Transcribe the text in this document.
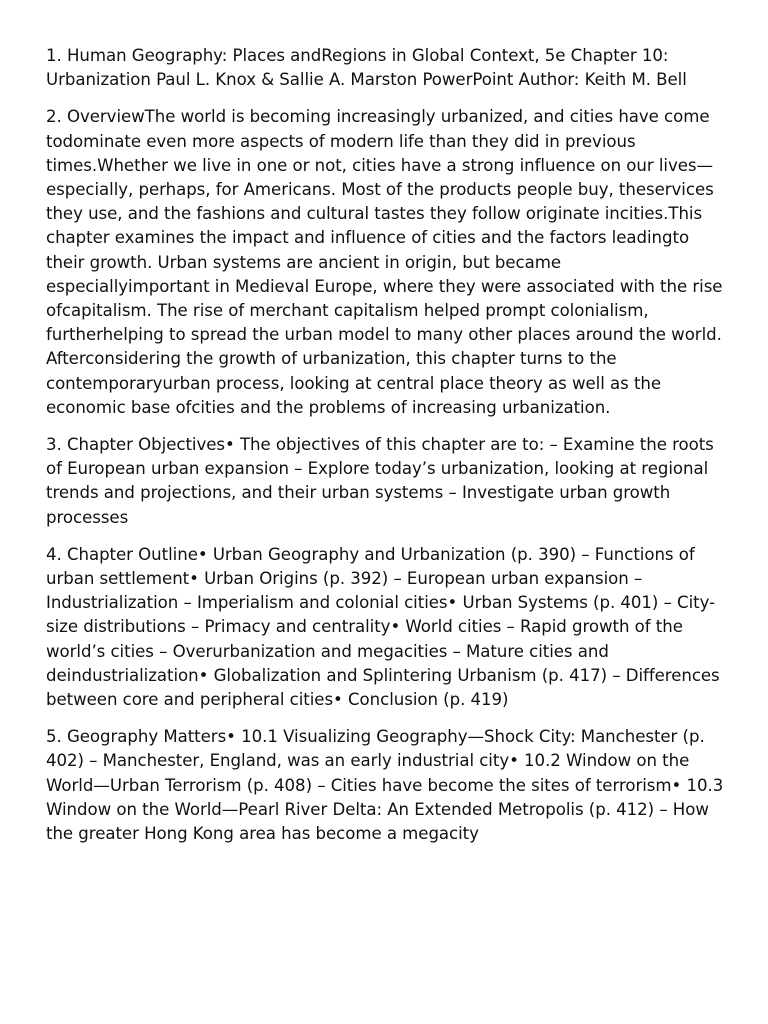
1. Human Geography: Places andRegions in Global Context, 5e Chapter 10: Urbanization Paul L. Knox & Sallie A. Marston PowerPoint Author: Keith M. Bell

2. OverviewThe world is becoming increasingly urbanized, and cities have come todominate even more aspects of modern life than they did in previous times.Whether we live in one or not, cities have a strong influence on our lives—especially, perhaps, for Americans. Most of the products people buy, theservices they use, and the fashions and cultural tastes they follow originate incities.This chapter examines the impact and influence of cities and the factors leadingto their growth. Urban systems are ancient in origin, but became especiallyimportant in Medieval Europe, where they were associated with the rise ofcapitalism. The rise of merchant capitalism helped prompt colonialism, furtherhelping to spread the urban model to many other places around the world. Afterconsidering the growth of urbanization, this chapter turns to the contemporaryurban process, looking at central place theory as well as the economic base ofcities and the problems of increasing urbanization.

3. Chapter Objectives• The objectives of this chapter are to: – Examine the roots of European urban expansion – Explore today’s urbanization, looking at regional trends and projections, and their urban systems – Investigate urban growth processes

4. Chapter Outline• Urban Geography and Urbanization (p. 390) – Functions of urban settlement• Urban Origins (p. 392) – European urban expansion – Industrialization – Imperialism and colonial cities• Urban Systems (p. 401) – City-size distributions – Primacy and centrality• World cities – Rapid growth of the world’s cities – Overurbanization and megacities – Mature cities and deindustrialization• Globalization and Splintering Urbanism (p. 417) – Differences between core and peripheral cities• Conclusion (p. 419)

5. Geography Matters• 10.1 Visualizing Geography—Shock City: Manchester (p. 402) – Manchester, England, was an early industrial city• 10.2 Window on the World—Urban Terrorism (p. 408) – Cities have become the sites of terrorism• 10.3 Window on the World—Pearl River Delta: An Extended Metropolis (p. 412) – How the greater Hong Kong area has become a megacity
